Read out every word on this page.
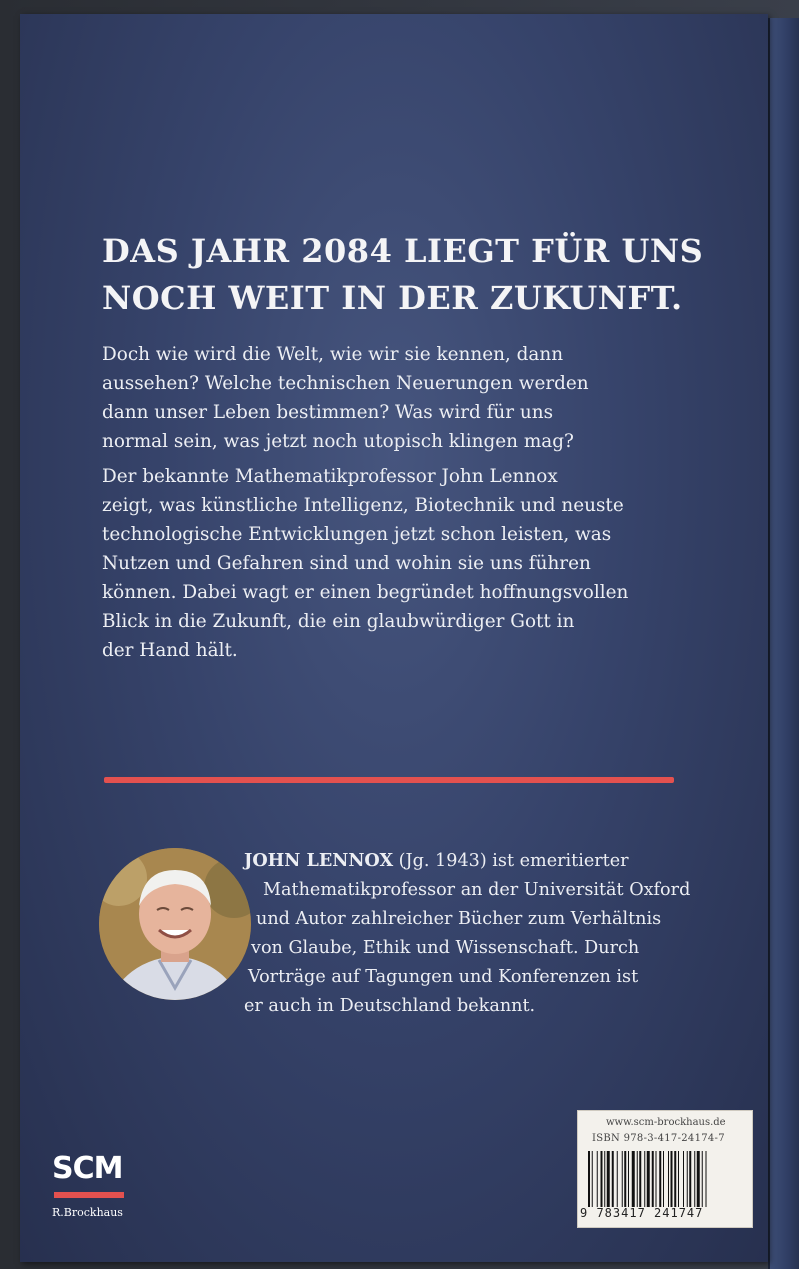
DAS JAHR 2084 LIEGT FÜR UNS
NOCH WEIT IN DER ZUKUNFT.

Doch wie wird die Welt, wie wir sie kennen, dann
aussehen? Welche technischen Neuerungen werden
dann unser Leben bestimmen? Was wird für uns
normal sein, was jetzt noch utopisch klingen mag?

Der bekannte Mathematikprofessor John Lennox
zeigt, was künstliche Intelligenz, Biotechnik und neuste
technologische Entwicklungen jetzt schon leisten, was
Nutzen und Gefahren sind und wohin sie uns führen
können. Dabei wagt er einen begründet hoffnungsvollen
Blick in die Zukunft, die ein glaubwürdiger Gott in
der Hand hält.

JOHN LENNOX (Jg. 1943) ist emeritierter
Mathematikprofessor an der Universität Oxford
und Autor zahlreicher Bücher zum Verhältnis
von Glaube, Ethik und Wissenschaft. Durch
Vorträge auf Tagungen und Konferenzen ist
er auch in Deutschland bekannt.

SCM
R.Brockhaus
www.scm-brockhaus.de
ISBN 978-3-417-24174-7
9 783417 241747
